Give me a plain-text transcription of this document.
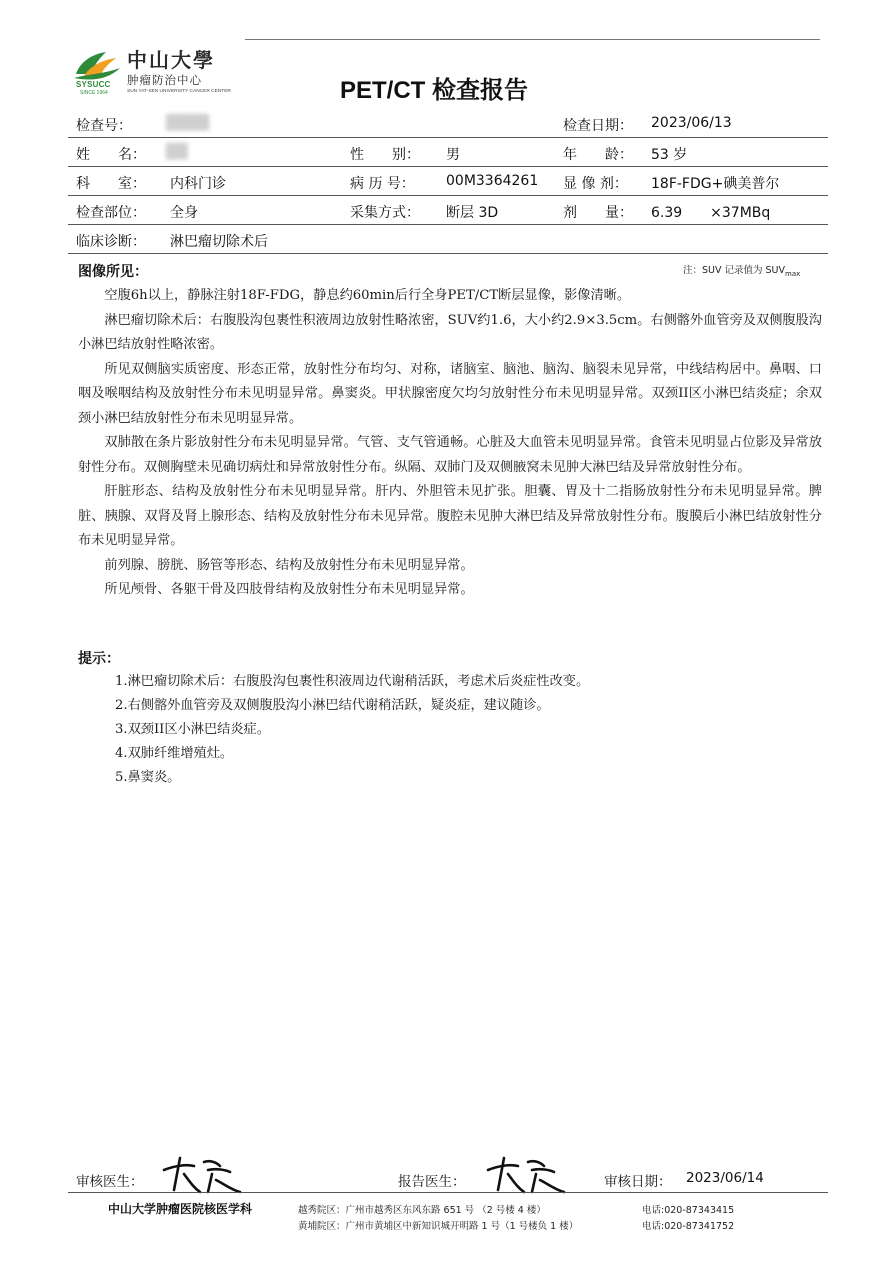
SYSUCC
SINCE 1964
中山大學
肿瘤防治中心
SUN YAT-SEN UNIVERSITY CANCER CENTER	PET/CT 检查报告
检查号： ████	检查日期： 2023/06/13
姓　　名： ██	性　　别： 男	年　　龄： 53 岁
科　　室： 内科门诊	病 历 号： 00M3364261 显 像 剂： 18F-FDG+碘美普尔
检查部位： 全身	采集方式： 断层 3D	剂　　量： 6.39　　×37MBq
临床诊断： 淋巴瘤切除术后
图像所见：	注：SUV 记录值为 $SUV_{max}$

空腹6h以上，静脉注射18F-FDG，静息约60min后行全身PET/CT断层显像，影像清晰。

淋巴瘤切除术后：右腹股沟包裹性积液周边放射性略浓密，SUV约1.6，大小约2.9×3.5cm。右侧髂外血管旁及双侧腹股沟小淋巴结放射性略浓密。

所见双侧脑实质密度、形态正常，放射性分布均匀、对称，诸脑室、脑池、脑沟、脑裂未见异常，中线结构居中。鼻咽、口咽及喉咽结构及放射性分布未见明显异常。鼻窦炎。甲状腺密度欠均匀放射性分布未见明显异常。双颈II区小淋巴结炎症；余双颈小淋巴结放射性分布未见明显异常。

双肺散在条片影放射性分布未见明显异常。气管、支气管通畅。心脏及大血管未见明显异常。食管未见明显占位影及异常放射性分布。双侧胸壁未见确切病灶和异常放射性分布。纵隔、双肺门及双侧腋窝未见肿大淋巴结及异常放射性分布。

肝脏形态、结构及放射性分布未见明显异常。肝内、外胆管未见扩张。胆囊、胃及十二指肠放射性分布未见明显异常。脾脏、胰腺、双肾及肾上腺形态、结构及放射性分布未见异常。腹腔未见肿大淋巴结及异常放射性分布。腹膜后小淋巴结放射性分布未见明显异常。

前列腺、膀胱、肠管等形态、结构及放射性分布未见明显异常。

所见颅骨、各躯干骨及四肢骨结构及放射性分布未见明显异常。

提示：
1.淋巴瘤切除术后：右腹股沟包裹性积液周边代谢稍活跃，考虑术后炎症性改变。
2.右侧髂外血管旁及双侧腹股沟小淋巴结代谢稍活跃，疑炎症，建议随诊。
3.双颈II区小淋巴结炎症。
4.双肺纤维增殖灶。
5.鼻窦炎。
审核医生：	报告医生：	审核日期： 2023/06/14
中山大学肿瘤医院核医学科	越秀院区：广州市越秀区东风东路 651 号 （2 号楼 4 楼）	电话:020-87343415
黄埔院区：广州市黄埔区中新知识城开明路 1 号（1 号楼负 1 楼）	电话:020-87341752
